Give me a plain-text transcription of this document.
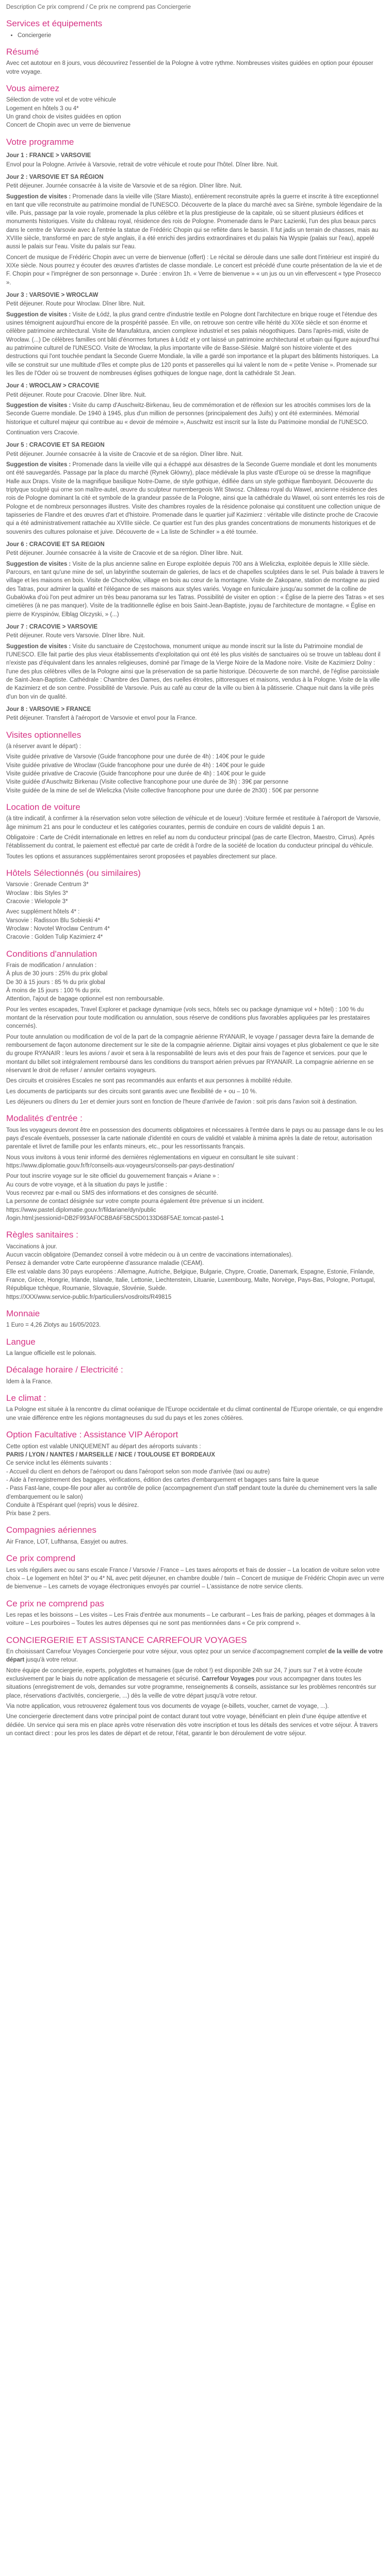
Description Ce prix comprend / Ce prix ne comprend pas Conciergerie

Services et équipements
• Conciergerie
Résumé

Avec cet autotour en 8 jours, vous découvrirez l'essentiel de la Pologne à votre rythme. Nombreuses visites guidées en option pour épouser votre voyage.

Vous aimerez
Sélection de votre vol et de votre véhicule
Logement en hôtels 3 ou 4*
Un grand choix de visites guidées en option
Concert de Chopin avec un verre de bienvenue
Votre programme
Jour 1 : FRANCE > VARSOVIE

Envol pour la Pologne. Arrivée à Varsovie, retrait de votre véhicule et route pour l'hôtel. Dîner libre. Nuit.

Jour 2 : VARSOVIE ET SA RÉGION

Petit déjeuner. Journée consacrée à la visite de Varsovie et de sa région. Dîner libre. Nuit.

Suggestion de visites : Promenade dans la vieille ville (Stare Miasto), entièrement reconstruite après la guerre et inscrite à titre exceptionnel en tant que ville reconstruite au patrimoine mondial de l'UNESCO. Découverte de la place du marché avec sa Sirène, symbole légendaire de la ville. Puis, passage par la voie royale, promenade la plus célèbre et la plus prestigieuse de la capitale, où se situent plusieurs édifices et monuments historiques. Visite du château royal, résidence des rois de Pologne. Promenade dans le Parc Łazienki, l'un des plus beaux parcs dans le centre de Varsovie avec à l'entrée la statue de Frédéric Chopin qui se reflète dans le bassin. Il fut jadis un terrain de chasses, mais au XVIIIe siècle, transformé en parc de style anglais, il a été enrichi des jardins extraordinaires et du palais Na Wyspie (palais sur l'eau), appelé aussi le palais sur l'eau. Visite du palais sur l'eau.

Concert de musique de Frédéric Chopin avec un verre de bienvenue (offert) : Le récital se déroule dans une salle dont l'intérieur est inspiré du XIXe siècle. Nous pourrez y écouter des œuvres d'artistes de classe mondiale. Le concert est précédé d'une courte présentation de la vie et de F. Chopin pour « l'imprégner de son personnage ». Durée : environ 1h. « Verre de bienvenue » « un jus ou un vin effervescent « type Prosecco ».

Jour 3 : VARSOVIE > WROCLAW

Petit déjeuner. Route pour Wroclaw. Dîner libre. Nuit.

Suggestion de visites : Visite de Łódź, la plus grand centre d'industrie textile en Pologne dont l'architecture en brique rouge et l'étendue des usines témoignent aujourd'hui encore de la prospérité passée. En ville, on retrouve son centre ville hérité du XIXe siècle et son énorme et célèbre patrimoine architectural. Visite de Manufaktura, ancien complexe industriel et ses palais néogothiques. Dans l'après-midi, visite de Wrocław. (...) De célèbres familles ont bâti d'énormes fortunes à Łódź et y ont laissé un patrimoine architectural et urbain qui figure aujourd'hui au patrimoine culturel de l'UNESCO. Visite de Wrocław, la plus importante ville de Basse-Silésie. Malgré son histoire violente et des destructions qui l'ont touchée pendant la Seconde Guerre Mondiale, la ville a gardé son importance et la plupart des bâtiments historiques. La ville se construit sur une multitude d'îles et compte plus de 120 ponts et passerelles qui lui valent le nom de « petite Venise ». Promenade sur les îles de l'Oder où se trouvent de nombreuses églises gothiques de longue nage, dont la cathédrale St Jean.

Jour 4 : WROCLAW > CRACOVIE

Petit déjeuner. Route pour Cracovie. Dîner libre. Nuit.

Suggestion de visites : Visite du camp d'Auschwitz-Birkenau, lieu de commémoration et de réflexion sur les atrocités commises lors de la Seconde Guerre mondiale. De 1940 à 1945, plus d'un million de personnes (principalement des Juifs) y ont été exterminées. Mémorial historique et culturel majeur qui contribue au « devoir de mémoire », Auschwitz est inscrit sur la liste du Patrimoine mondial de l'UNESCO.

Continuation vers Cracovie.

Jour 5 : CRACOVIE ET SA REGION

Petit déjeuner. Journée consacrée à la visite de Cracovie et de sa région. Dîner libre. Nuit.

Suggestion de visites : Promenade dans la vieille ville qui a échappé aux désastres de la Seconde Guerre mondiale et dont les monuments ont été sauvegardés. Passage par la place du marché (Rynek Główny), place médiévale la plus vaste d'Europe où se dresse la magnifique Halle aux Draps. Visite de la magnifique basilique Notre-Dame, de style gothique, édifiée dans un style gothique flamboyant. Découverte du triptyque sculpté qui orne son maître-autel, œuvre du sculpteur nurembergeois Wit Stwosz. Château royal du Wawel, ancienne résidence des rois de Pologne dominant la cité et symbole de la grandeur passée de la Pologne, ainsi que la cathédrale du Wawel, où sont enterrés les rois de Pologne et de nombreux personnages illustres. Visite des chambres royales de la résidence polonaise qui constituent une collection unique de tapisseries de Flandre et des œuvres d'art et d'histoire. Promenade dans le quartier juif Kazimierz : véritable ville distincte proche de Cracovie qui a été administrativement rattachée au XVIIIe siècle. Ce quartier est l'un des plus grandes concentrations de monuments historiques et de souvenirs des cultures polonaise et juive. Découverte de « La liste de Schindler » a été tournée.

Jour 6 : CRACOVIE ET SA REGION

Petit déjeuner. Journée consacrée à la visite de Cracovie et de sa région. Dîner libre. Nuit.

Suggestion de visites : Visite de la plus ancienne saline en Europe exploitée depuis 700 ans à Wieliczka, exploitée depuis le XIIIe siècle. Parcours, en tant qu'une mine de sel, un labyrinthe souterrain de galeries, de lacs et de chapelles sculptées dans le sel. Puis balade à travers le village et les maisons en bois. Visite de Chochołów, village en bois au cœur de la montagne. Visite de Zakopane, station de montagne au pied des Tatras, pour admirer la qualité et l'élégance de ses maisons aux styles variés. Voyage en funiculaire jusqu'au sommet de la colline de Gubałówka d'où l'on peut admirer un très beau panorama sur les Tatras. Possibilité de visiter en option : « Église de la pierre des Tatras » et ses cimetières (à ne pas manquer). Visite de la traditionnelle église en bois Saint-Jean-Baptiste, joyau de l'architecture de montagne. « Église en pierre de Kryspinów, Ełbląg Olczyski, » (...)

Jour 7 : CRACOVIE > VARSOVIE

Petit déjeuner. Route vers Varsovie. Dîner libre. Nuit.

Suggestion de visites : Visite du sanctuaire de Częstochowa, monument unique au monde inscrit sur la liste du Patrimoine mondial de l'UNESCO. Elle fait partie des plus vieux établissements d'exploitation qui ont été les plus visités de sanctuaires où se trouve un tableau dont il n'existe pas d'équivalent dans les annales religieuses, dominé par l'image de la Vierge Noire de la Madone noire. Visite de Kazimierz Dolny : l'une des plus célèbres villes de la Pologne ainsi que la préservation de sa partie historique. Découverte de son marché, de l'église paroissiale de Saint-Jean-Baptiste. Cathédrale : Chambre des Dames, des ruelles étroites, pittoresques et maisons, vendus à la Pologne. Visite de la ville de Kazimierz et de son centre. Possibilité de Varsovie. Puis au café au cœur de la ville ou bien à la pâtisserie. Chaque nuit dans la ville près d'un bon vin de qualité.

Jour 8 : VARSOVIE > FRANCE

Petit déjeuner. Transfert à l'aéroport de Varsovie et envol pour la France.

Visites optionnelles

(à réserver avant le départ) :

Visite guidée privative de Varsovie (Guide francophone pour une durée de 4h) : 140€ pour le guide
Visite guidée privative de Wroclaw (Guide francophone pour une durée de 4h) : 140€ pour le guide
Visite guidée privative de Cracovie (Guide francophone pour une durée de 4h) : 140€ pour le guide
Visite guidée d'Auschwitz Birkenau (Visite collective francophone pour une durée de 3h) : 39€ par personne
Visite guidée de la mine de sel de Wieliczka (Visite collective francophone pour une durée de 2h30) : 50€ par personne
Location de voiture

(à titre indicatif, à confirmer à la réservation selon votre sélection de véhicule et de loueur) :Voiture fermée et restituée à l'aéroport de Varsovie, âge minimum 21 ans pour le conducteur et les catégories courantes, permis de conduire en cours de validité depuis 1 an.

Obligatoire : Carte de Crédit internationale en lettres en relief au nom du conducteur principal (pas de carte Electron, Maestro, Cirrus). Aprés l'établissement du contrat, le paiement est effectué par carte de crédit à l'ordre de la société de location du conducteur principal du véhicule.

Toutes les options et assurances supplémentaires seront proposées et payables directement sur place.

Hôtels Sélectionnés (ou similaires)
Varsovie : Grenade Centrum 3*
Wroclaw : Ibis Styles 3*
Cracovie : Wielopole 3*
Avec supplément hôtels 4* :
Varsovie : Radisson Blu Sobieski 4*
Wroclaw : Novotel Wroclaw Centrum 4*
Cracovie : Golden Tulip Kazimierz 4*
Conditions d'annulation
Frais de modification / annulation :
À plus de 30 jours : 25% du prix global
De 30 à 15 jours : 85 % du prix global
À moins de 15 jours : 100 % du prix.
Attention, l'ajout de bagage optionnel est non remboursable.

Pour les ventes escapades, Travel Explorer et package dynamique (vols secs, hôtels sec ou package dynamique vol + hôtel) : 100 % du montant de la réservation pour toute modification ou annulation, sous réserve de conditions plus favorables appliquées par les prestataires concernés).

Pour toute annulation ou modification de vol de la part de la compagnie aérienne RYANAIR, le voyage / passager devra faire la demande de remboursement de façon autonome directement sur le site de la compagnie aérienne. Digitair ainsi voyages et plus globalement ce que le site du groupe RYANAIR : leurs les avions / avoir et sera à la responsabilité de leurs avis et des pour frais de l'agence et services. pour que le montant du billet soit intégralement remboursé dans les conditions du transport aérien prévues par RYANAIR. La compagnie aérienne en se réservant le droit de refuser / annuler certains voyageurs.

Des circuits et croisières Escales ne sont pas recommandés aux enfants et aux personnes à mobilité réduite.

Les documents de participants sur des circuits sont garantis avec une flexibilité de + ou – 10 %.

Les déjeuners ou dîners du 1er et dernier jours sont en fonction de l'heure d'arrivée de l'avion : soit pris dans l'avion soit à destination.

Modalités d'entrée :

Tous les voyageurs devront être en possession des documents obligatoires et nécessaires à l'entrée dans le pays ou au passage dans le ou les pays d'escale éventuels, possesser la carte nationale d'identité en cours de validité et valable à minima après la date de retour, autorisation parentale et livret de famille pour les enfants mineurs, etc., pour les ressortissants français.

Nous vous invitons à vous tenir informé des dernières réglementations en vigueur en consultant le site suivant : https://www.diplomatie.gouv.fr/fr/conseils-aux-voyageurs/conseils-par-pays-destination/

Pour tout inscrire voyage sur le site officiel du gouvernement français « Ariane » :
Au cours de votre voyage, et à la situation du pays le justifie :
Vous recevrez par e-mail ou SMS des informations et des consignes de sécurité.
La personne de contact désignée sur votre compte pourra également être prévenue si un incident.
https://www.pastel.diplomatie.gouv.fr/fildariane/dyn/public
/login.html;jsessionid=DB2F993AF0CBBA6F5BC5D0133D68F5AE.tomcat-pastel-1
Règles sanitaires :
Vaccinations à jour.
Aucun vaccin obligatoire (Demandez conseil à votre médecin ou à un centre de vaccinations internationales).
Pensez à demander votre Carte européenne d'assurance maladie (CEAM).
Elle est valable dans 30 pays européens : Allemagne, Autriche, Belgique, Bulgarie, Chypre, Croatie, Danemark, Espagne, Estonie, Finlande, France, Grèce, Hongrie, Irlande, Islande, Italie, Lettonie, Liechtenstein, Lituanie, Luxembourg, Malte, Norvège, Pays-Bas, Pologne, Portugal, République tchèque, Roumanie, Slovaquie, Slovénie, Suède.
https://XXX/www.service-public.fr/particuliers/vosdroits/R49815
Monnaie

1 Euro = 4,26 Zlotys au 16/05/2023.

Langue

La langue officielle est le polonais.

Décalage horaire / Electricité :

Idem à la France.

Le climat :

La Pologne est située à la rencontre du climat océanique de l'Europe occidentale et du climat continental de l'Europe orientale, ce qui engendre une vraie différence entre les régions montagneuses du sud du pays et les zones côtières.

Option Facultative : Assistance VIP Aéroport
Cette option est valable UNIQUEMENT au départ des aéroports suivants :
PARIS / LYON / NANTES / MARSEILLE / NICE / TOULOUSE ET BORDEAUX
Ce service inclut les éléments suivants :
- Accueil du client en dehors de l'aéroport ou dans l'aéroport selon son mode d'arrivée (taxi ou autre)
- Aide à l'enregistrement des bagages, vérifications, édition des cartes d'embarquement et bagages sans faire la queue
- Pass Fast-lane, coupe-file pour aller au contrôle de police (accompagnement d'un staff pendant toute la durée du cheminement vers la salle d'embarquement ou le salon)
Conduite à l'Espérant quel (repris) vous le désirez.
Prix base 2 pers.
Compagnies aériennes

Air France, LOT, Lufthansa, Easyjet ou autres.

Ce prix comprend

Les vols réguliers avec ou sans escale France / Varsovie / France – Les taxes aéroports et frais de dossier – La location de voiture selon votre choix – Le logement en hôtel 3* ou 4* NL avec petit déjeuner, en chambre double / twin – Concert de musique de Frédéric Chopin avec un verre de bienvenue – Les carnets de voyage électroniques envoyés par courriel – L'assistance de notre service clients.

Ce prix ne comprend pas

Les repas et les boissons – Les visites – Les Frais d'entrée aux monuments – Le carburant – Les frais de parking, péages et dommages à la voiture – Les pourboires – Toutes les autres dépenses qui ne sont pas mentionnées dans « Ce prix comprend ».

CONCIERGERIE ET ASSISTANCE CARREFOUR VOYAGES

En choisissant Carrefour Voyages Conciergerie pour votre séjour, vous optez pour un service d'accompagnement complet de la veille de votre départ jusqu'à votre retour.

Notre équipe de conciergerie, experts, polyglottes et humaines (que de robot !) est disponible 24h sur 24, 7 jours sur 7 et à votre écoute exclusivement par le biais du notre application de messagerie et sécurisé. Carrefour Voyages pour vous accompagner dans toutes les situations (enregistrement de vols, demandes sur votre programme, renseignements & conseils, assistance sur les problèmes rencontrés sur place, réservations d'activités, conciergerie, ...) dès la veille de votre départ jusqu'à votre retour.

Via notre application, vous retrouverez également tous vos documents de voyage (e-billets, voucher, carnet de voyage, ...).

Une conciergerie directement dans votre principal point de contact durant tout votre voyage, bénéficiant en plein d'une équipe attentive et dédiée. Un service qui sera mis en place après votre réservation dès votre inscription et tous les détails des services et votre séjour. À travers un contact direct : pour les pros les dates de départ et de retour, l'état, garantir le bon déroulement de votre séjour.
